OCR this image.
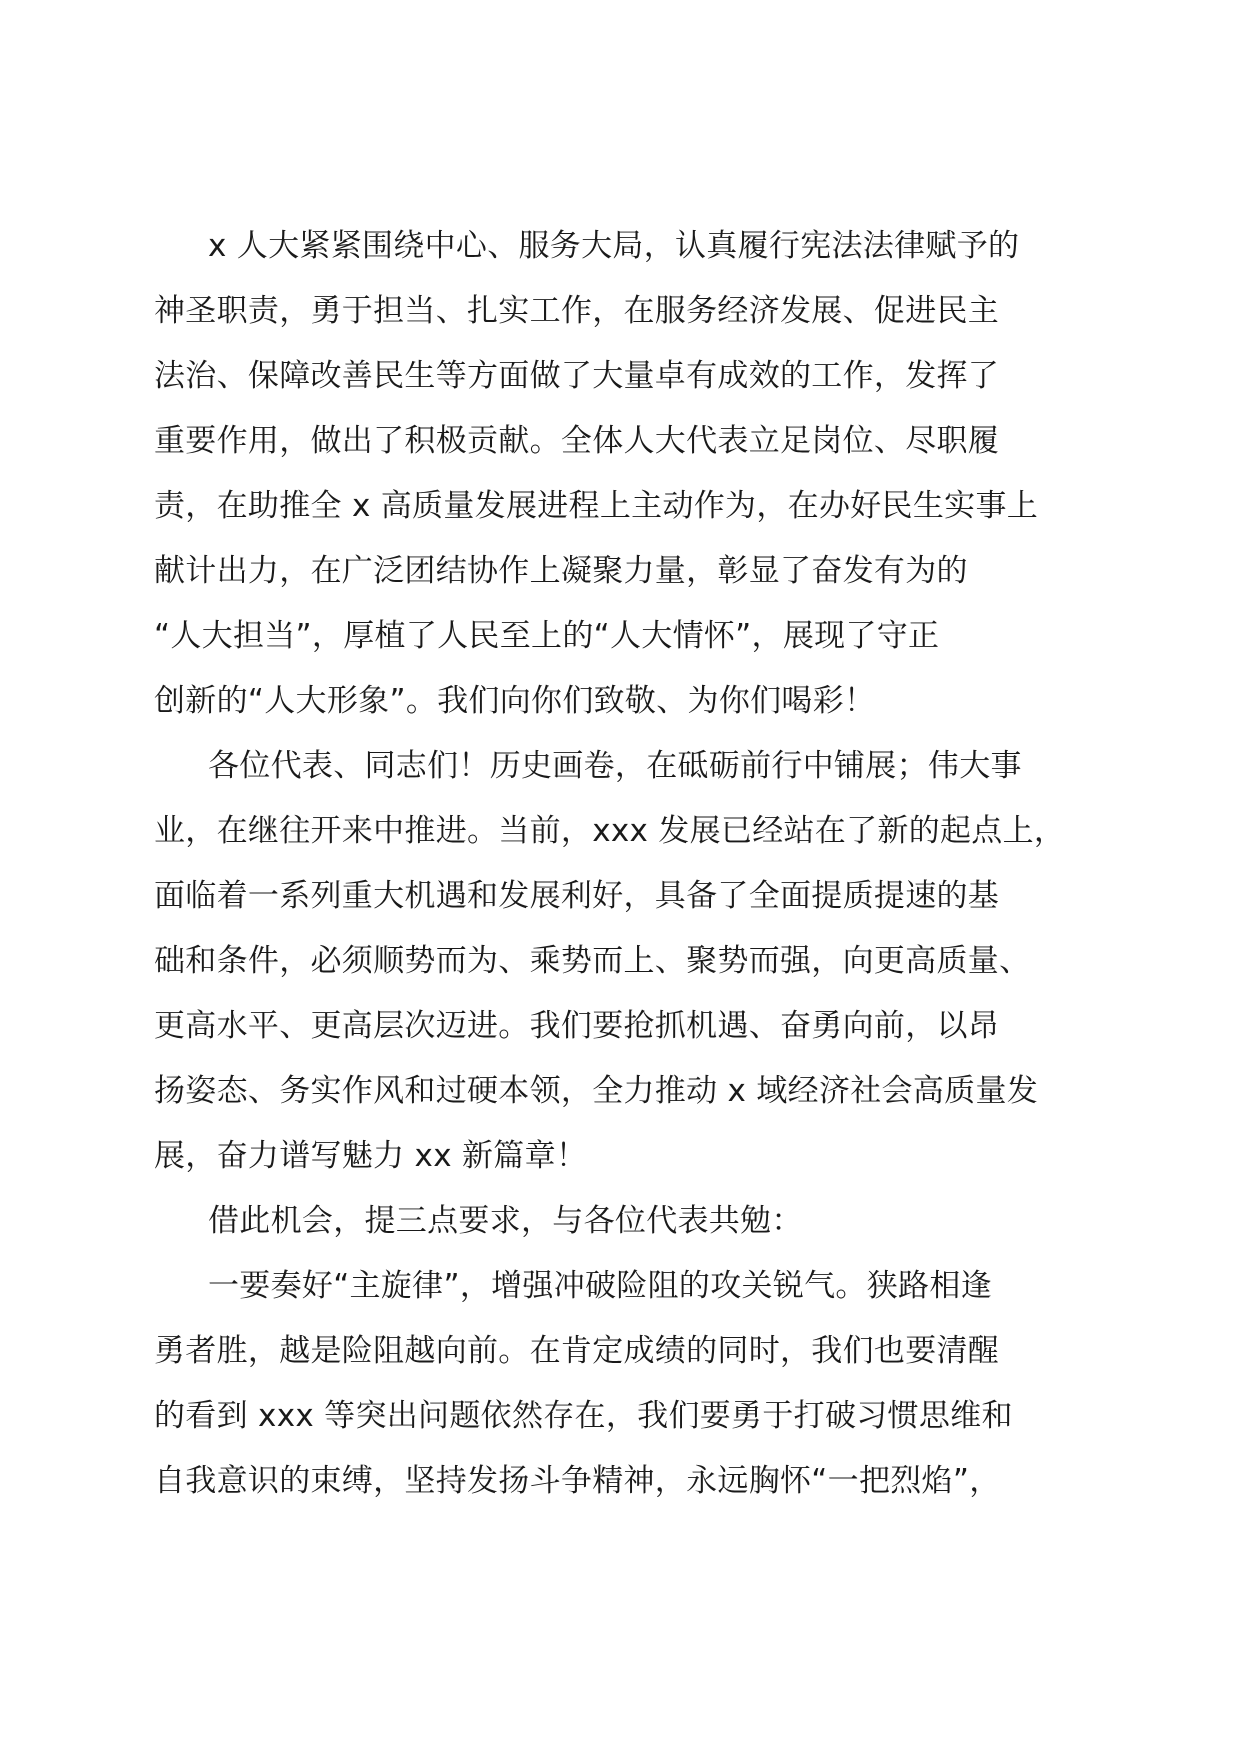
x 人大紧紧围绕中心、服务大局，认真履行宪法法律赋予的
神圣职责，勇于担当、扎实工作，在服务经济发展、促进民主
法治、保障改善民生等方面做了大量卓有成效的工作，发挥了
重要作用，做出了积极贡献。全体人大代表立足岗位、尽职履
责，在助推全 x 高质量发展进程上主动作为，在办好民生实事上
献计出力，在广泛团结协作上凝聚力量，彰显了奋发有为的
“人大担当”，厚植了人民至上的“人大情怀”，展现了守正
创新的“人大形象”。我们向你们致敬、为你们喝彩！
各位代表、同志们！历史画卷，在砥砺前行中铺展；伟大事
业，在继往开来中推进。当前，xxx 发展已经站在了新的起点上，
面临着一系列重大机遇和发展利好，具备了全面提质提速的基
础和条件，必须顺势而为、乘势而上、聚势而强，向更高质量、
更高水平、更高层次迈进。我们要抢抓机遇、奋勇向前，以昂
扬姿态、务实作风和过硬本领，全力推动 x 域经济社会高质量发
展，奋力谱写魅力 xx 新篇章！
借此机会，提三点要求，与各位代表共勉：
一要奏好“主旋律”，增强冲破险阻的攻关锐气。狭路相逢
勇者胜，越是险阻越向前。在肯定成绩的同时，我们也要清醒
的看到 xxx 等突出问题依然存在，我们要勇于打破习惯思维和
自我意识的束缚，坚持发扬斗争精神，永远胸怀“一把烈焰”，
